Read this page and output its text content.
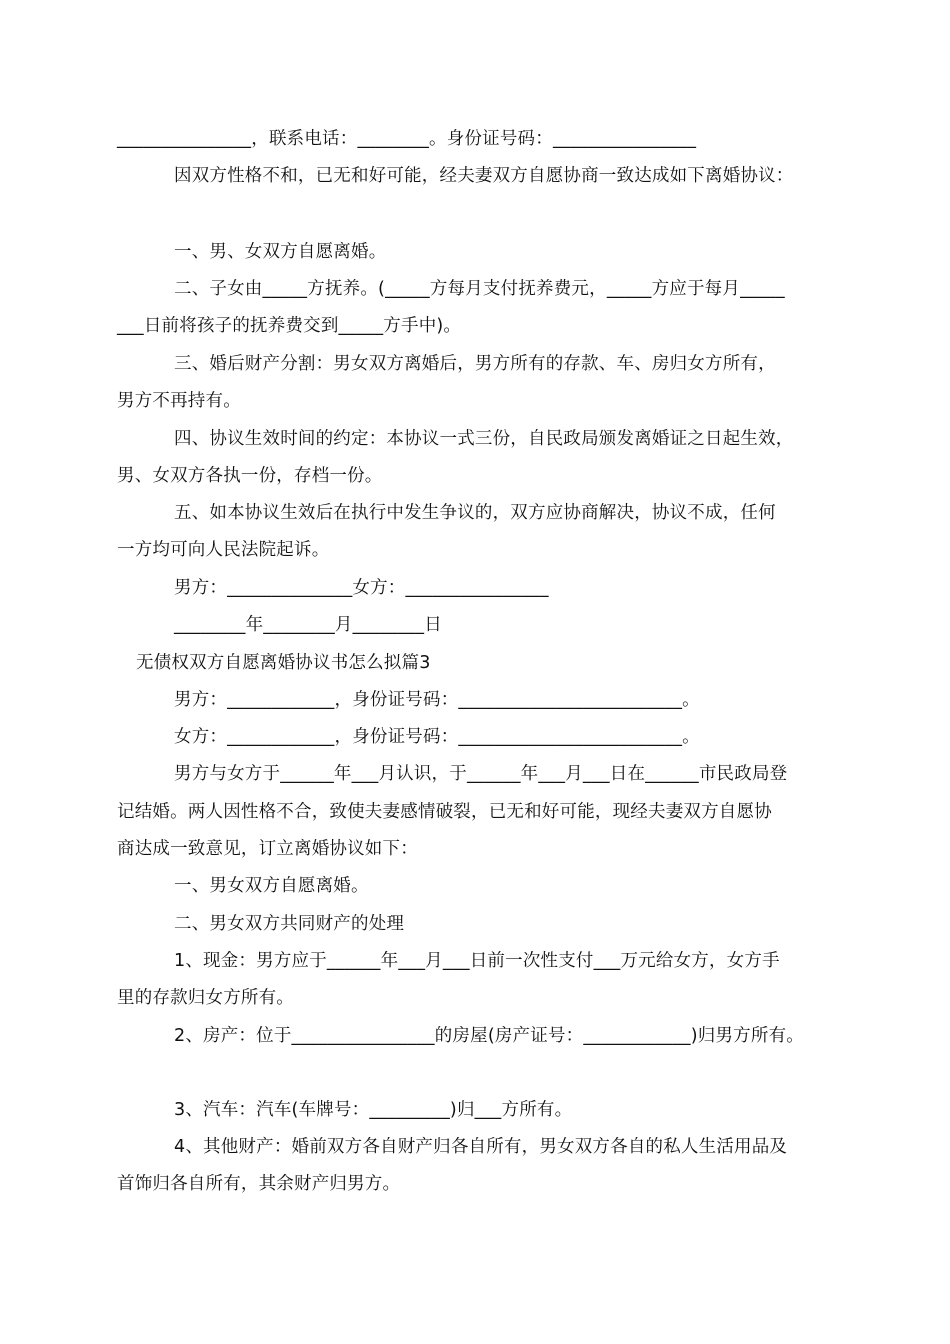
_______________，联系电话：________。身份证号码：________________
因双方性格不和，已无和好可能，经夫妻双方自愿协商一致达成如下离婚协议：
一、男、女双方自愿离婚。
二、子女由_____方抚养。(_____方每月支付抚养费元，_____方应于每月_____
___日前将孩子的抚养费交到_____方手中)。
三、婚后财产分割：男女双方离婚后，男方所有的存款、车、房归女方所有，
男方不再持有。
四、协议生效时间的约定：本协议一式三份，自民政局颁发离婚证之日起生效，
男、女双方各执一份，存档一份。
五、如本协议生效后在执行中发生争议的，双方应协商解决，协议不成，任何
一方均可向人民法院起诉。
男方：______________女方：________________
________年________月________日
无债权双方自愿离婚协议书怎么拟篇3
男方：____________，身份证号码：_________________________。
女方：____________，身份证号码：_________________________。
男方与女方于______年___月认识，于______年___月___日在______市民政局登
记结婚。两人因性格不合，致使夫妻感情破裂，已无和好可能，现经夫妻双方自愿协
商达成一致意见，订立离婚协议如下：
一、男女双方自愿离婚。
二、男女双方共同财产的处理
1、现金：男方应于______年___月___日前一次性支付___万元给女方，女方手
里的存款归女方所有。
2、房产：位于________________的房屋(房产证号：____________)归男方所有。
3、汽车：汽车(车牌号：_________)归___方所有。
4、其他财产：婚前双方各自财产归各自所有，男女双方各自的私人生活用品及
首饰归各自所有，其余财产归男方。
